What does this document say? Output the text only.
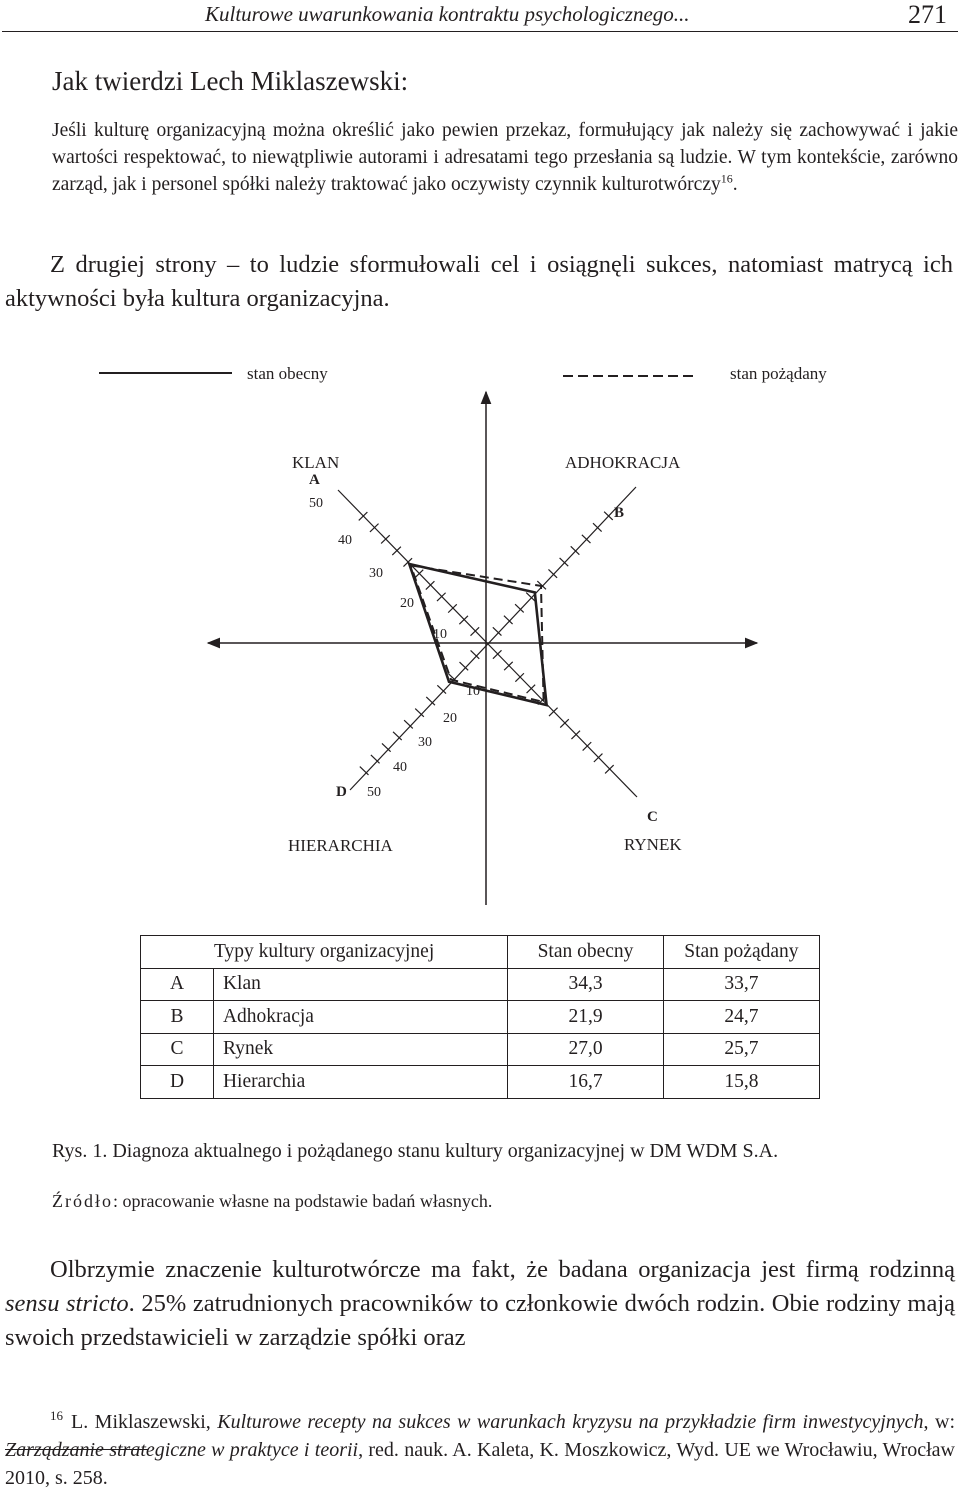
Kulturowe uwarunkowania kontraktu psychologicznego...	271
Jak twierdzi Lech Miklaszewski:
Jeśli kulturę organizacyjną można określić jako pewien przekaz, formułujący jak należy się zachowywać i jakie wartości respektować, to niewątpliwie autorami i adresatami tego przesłania są ludzie. W tym kontekście, zarówno zarząd, jak i personel spółki należy traktować jako oczywisty czynnik kulturotwórczy$^{16}$.
Z drugiej strony – to ludzie sformułowali cel i osiągnęli sukces, natomiast matrycą ich aktywności była kultura organizacyjna.
stan obecny	stan pożądany
KLAN	ADHOKRACJA
HIERARCHIA	RYNEK
A
B
C
D
50
40
30
20
10
10
20
30
40
50
Typy kultury organizacyjnej		Stan obecny	Stan pożądany
A	Klan	34,3	33,7
B	Adhokracja	21,9	24,7
C	Rynek	27,0	25,7
D	Hierarchia	16,7	15,8
Rys. 1. Diagnoza aktualnego i pożądanego stanu kultury organizacyjnej w DM WDM S.A.
Źródło: opracowanie własne na podstawie badań własnych.
Olbrzymie znaczenie kulturotwórcze ma fakt, że badana organizacja jest firmą rodzinną sensu stricto. 25% zatrudnionych pracowników to członkowie dwóch rodzin. Obie rodziny mają swoich przedstawicieli w zarządzie spółki oraz
$^{16}$ L. Miklaszewski, Kulturowe recepty na sukces w warunkach kryzysu na przykładzie firm inwestycyjnych, w: Zarządzanie strategiczne w praktyce i teorii, red. nauk. A. Kaleta, K. Moszkowicz, Wyd. UE we Wrocławiu, Wrocław 2010, s. 258.
